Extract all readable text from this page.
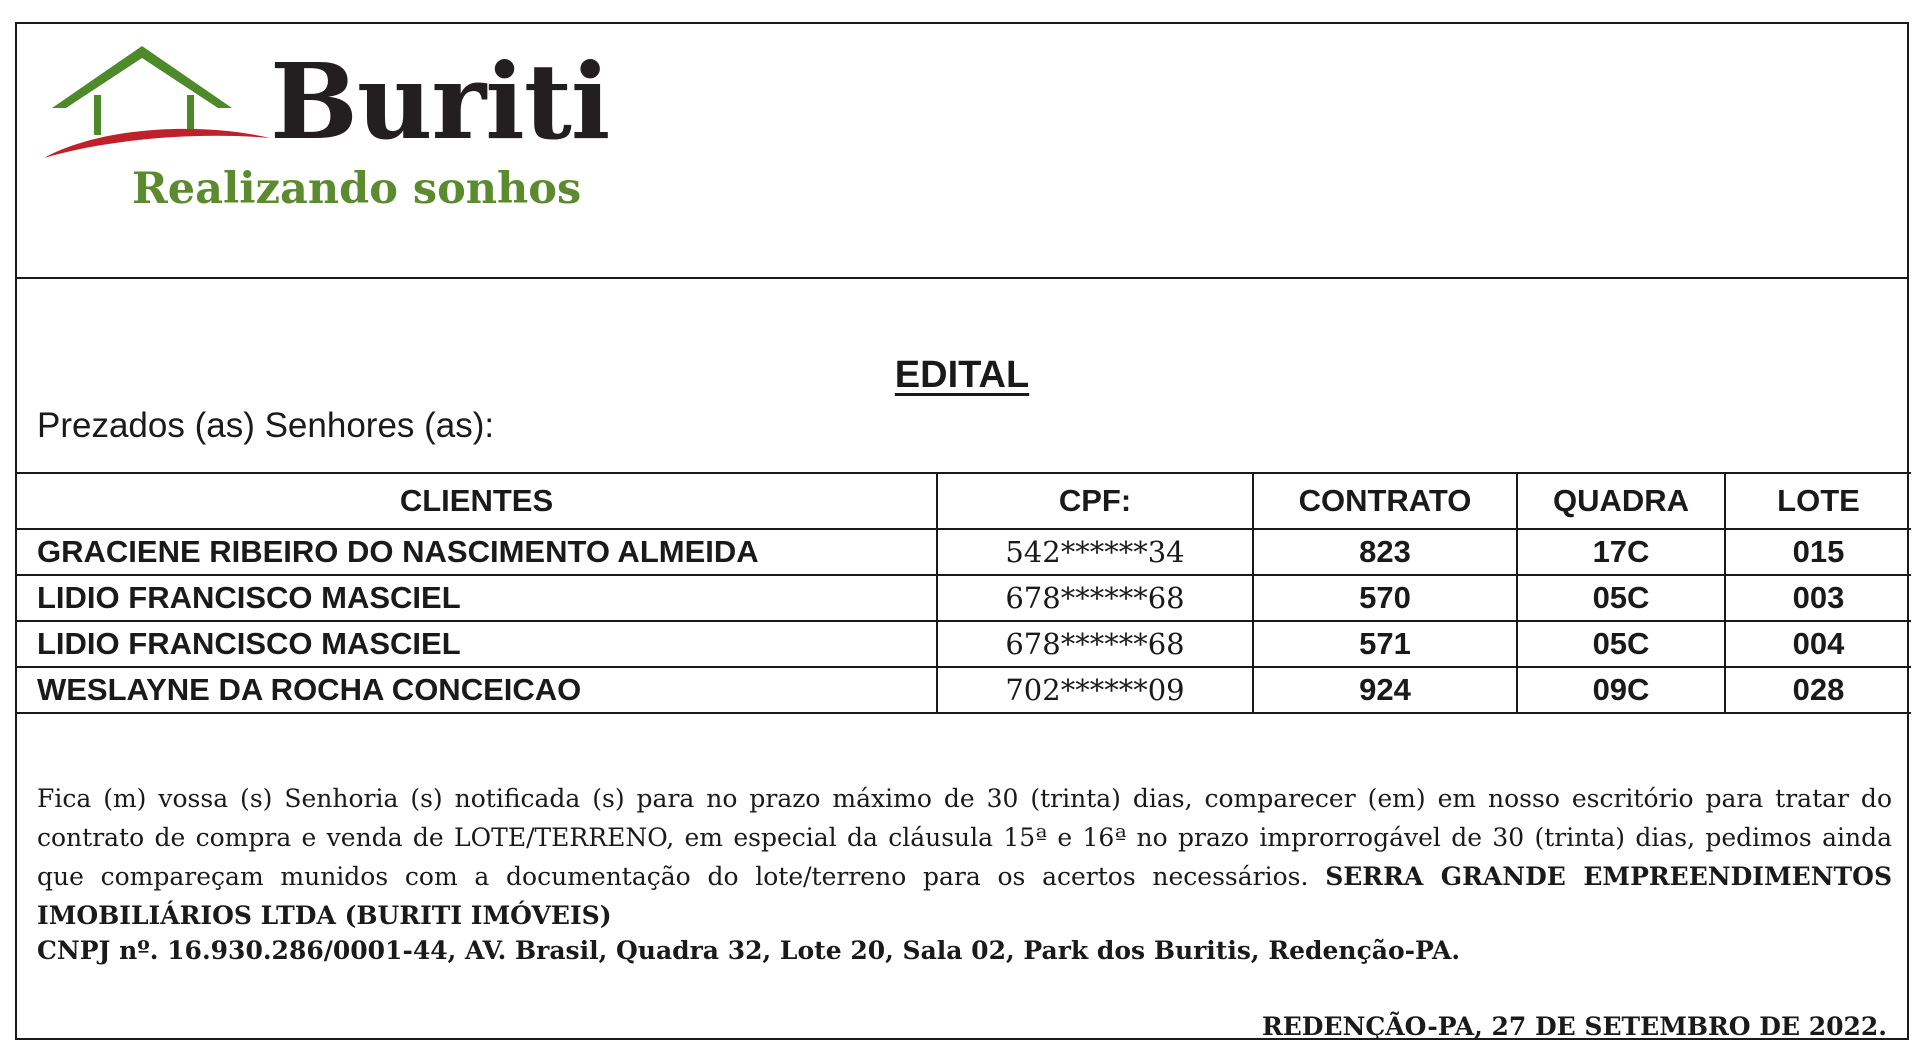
Buriti
Realizando sonhos
EDITAL
Prezados (as) Senhores (as):
CLIENTES	CPF:	CONTRATO	QUADRA	LOTE
GRACIENE RIBEIRO DO NASCIMENTO ALMEIDA	542******34	823	17C	015
LIDIO FRANCISCO MASCIEL	678******68	570	05C	003
LIDIO FRANCISCO MASCIEL	678******68	571	05C	004
WESLAYNE DA ROCHA CONCEICAO	702******09	924	09C	028
Fica (m) vossa (s) Senhoria (s) notificada (s) para no prazo máximo de 30 (trinta) dias, comparecer (em) em nosso escritório para tratar do contrato de compra e venda de LOTE/TERRENO, em especial da cláusula 15ª e 16ª no prazo improrrogável de 30 (trinta) dias, pedimos ainda que compareçam munidos com a documentação do lote/terreno para os acertos necessários. SERRA GRANDE EMPREENDIMENTOS IMOBILIÁRIOS LTDA (BURITI IMÓVEIS)
CNPJ nº. 16.930.286/0001-44, AV. Brasil, Quadra 32, Lote 20, Sala 02, Park dos Buritis, Redenção-PA.
REDENÇÃO-PA, 27 DE SETEMBRO DE 2022.
